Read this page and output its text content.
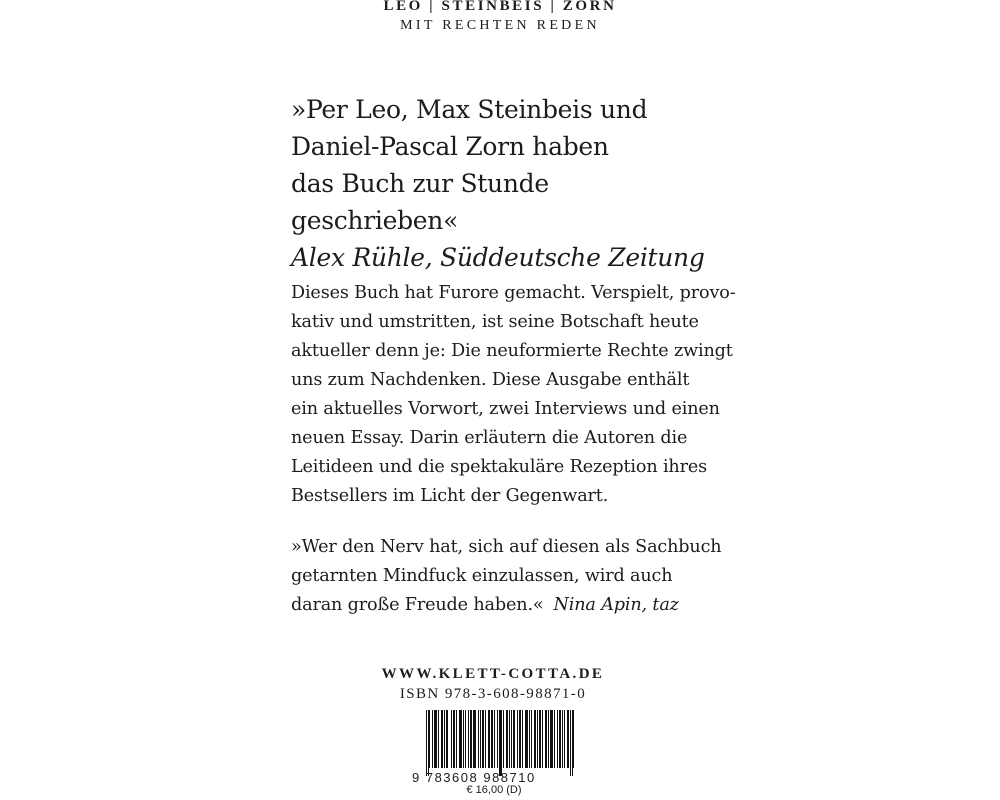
LEO | STEINBEIS | ZORN
MIT RECHTEN REDEN
»Per Leo, Max Steinbeis und
Daniel-Pascal Zorn haben
das Buch zur Stunde geschrieben«
Alex Rühle, Süddeutsche Zeitung
Dieses Buch hat Furore gemacht. Verspielt, provo-
kativ und umstritten, ist seine Botschaft heute
aktueller denn je: Die neuformierte Rechte zwingt
uns zum Nachdenken. Diese Ausgabe enthält
ein aktuelles Vorwort, zwei Interviews und einen
neuen Essay. Darin erläutern die Autoren die
Leitideen und die spektakuläre Rezeption ihres
Bestsellers im Licht der Gegenwart.
»Wer den Nerv hat, sich auf diesen als Sachbuch
getarnten Mindfuck einzulassen, wird auch
daran große Freude haben.« Nina Apin, taz
WWW.KLETT-COTTA.DE
ISBN 978-3-608-98871-0
9 783608 988710
€ 16,00 (D)
